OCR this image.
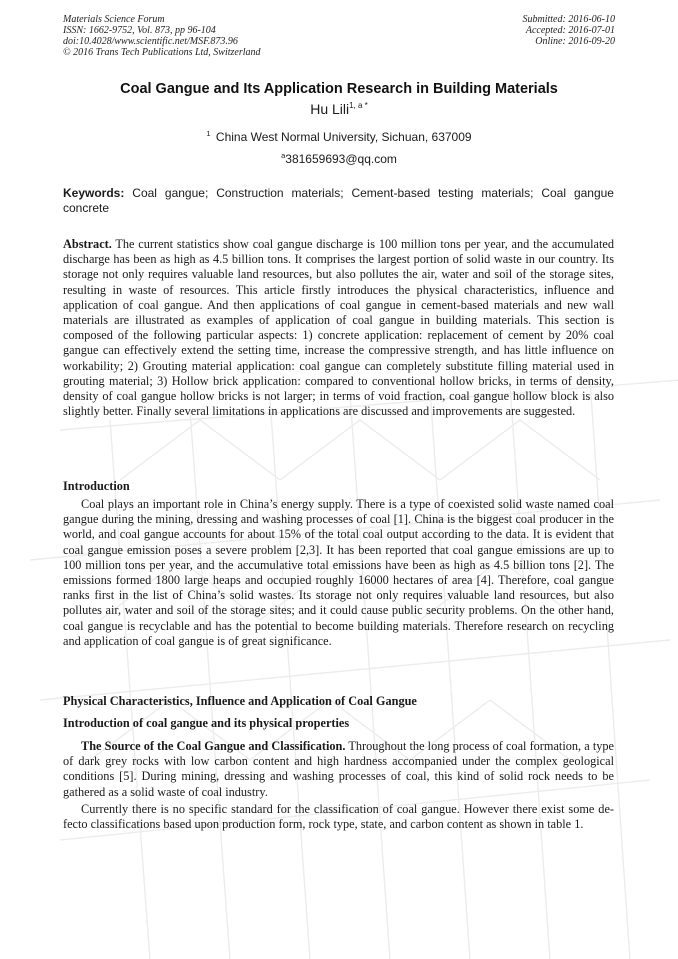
Materials Science Forum
ISSN: 1662-9752, Vol. 873, pp 96-104
doi:10.4028/www.scientific.net/MSF.873.96
© 2016 Trans Tech Publications Ltd, Switzerland
Submitted: 2016-06-10
Accepted: 2016-07-01
Online: 2016-09-20
Coal Gangue and Its Application Research in Building Materials
Hu Lili$^{1, a *}$
$^1$ China West Normal University, Sichuan, 637009
$^a$381659693@qq.com
Keywords: Coal gangue; Construction materials; Cement-based testing materials; Coal gangue concrete
Abstract. The current statistics show coal gangue discharge is 100 million tons per year, and the accumulated discharge has been as high as 4.5 billion tons. It comprises the largest portion of solid waste in our country. Its storage not only requires valuable land resources, but also pollutes the air, water and soil of the storage sites, resulting in waste of resources. This article firstly introduces the physical characteristics, influence and application of coal gangue. And then applications of coal gangue in cement-based materials and new wall materials are illustrated as examples of application of coal gangue in building materials. This section is composed of the following particular aspects: 1) concrete application: replacement of cement by 20% coal gangue can effectively extend the setting time, increase the compressive strength, and has little influence on workability; 2) Grouting material application: coal gangue can completely substitute filling material used in grouting material; 3) Hollow brick application: compared to conventional hollow bricks, in terms of density, density of coal gangue hollow bricks is not larger; in terms of void fraction, coal gangue hollow block is also slightly better. Finally several limitations in applications are discussed and improvements are suggested.
Introduction
Coal plays an important role in China’s energy supply. There is a type of coexisted solid waste named coal gangue during the mining, dressing and washing processes of coal [1]. China is the biggest coal producer in the world, and coal gangue accounts for about 15% of the total coal output according to the data. It is evident that coal gangue emission poses a severe problem [2,3]. It has been reported that coal gangue emissions are up to 100 million tons per year, and the accumulative total emissions have been as high as 4.5 billion tons [2]. The emissions formed 1800 large heaps and occupied roughly 16000 hectares of area [4]. Therefore, coal gangue ranks first in the list of China’s solid wastes. Its storage not only requires valuable land resources, but also pollutes air, water and soil of the storage sites; and it could cause public security problems. On the other hand, coal gangue is recyclable and has the potential to become building materials. Therefore research on recycling and application of coal gangue is of great significance.
Physical Characteristics, Influence and Application of Coal Gangue
Introduction of coal gangue and its physical properties
The Source of the Coal Gangue and Classification. Throughout the long process of coal formation, a type of dark grey rocks with low carbon content and high hardness accompanied under the complex geological conditions [5]. During mining, dressing and washing processes of coal, this kind of solid rock needs to be gathered as a solid waste of coal industry.
Currently there is no specific standard for the classification of coal gangue. However there exist some de-fecto classifications based upon production form, rock type, state, and carbon content as shown in table 1.
